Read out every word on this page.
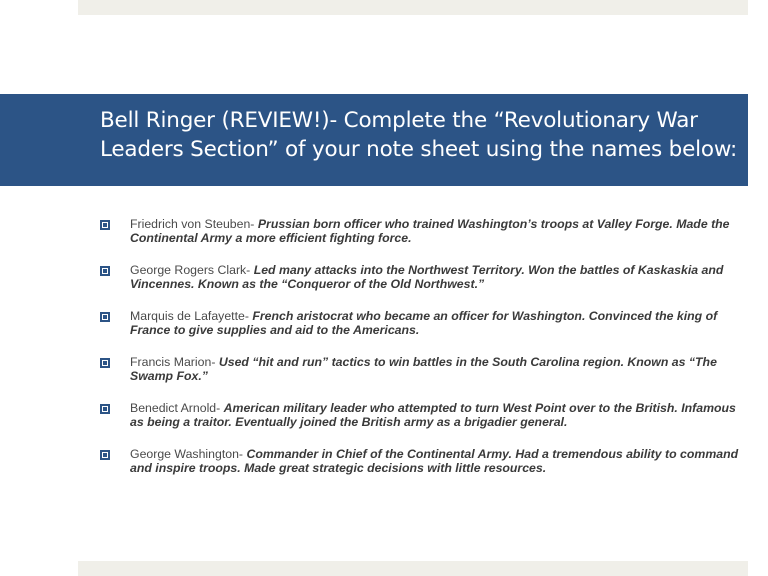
Bell Ringer (REVIEW!)- Complete the “Revolutionary War Leaders Section” of your note sheet using the names below:
Friedrich von Steuben- Prussian born officer who trained Washington’s troops at Valley Forge. Made the Continental Army a more efficient fighting force.
George Rogers Clark- Led many attacks into the Northwest Territory. Won the battles of Kaskaskia and Vincennes. Known as the “Conqueror of the Old Northwest.”
Marquis de Lafayette- French aristocrat who became an officer for Washington. Convinced the king of France to give supplies and aid to the Americans.
Francis Marion- Used “hit and run” tactics to win battles in the South Carolina region. Known as “The Swamp Fox.”
Benedict Arnold- American military leader who attempted to turn West Point over to the British. Infamous as being a traitor. Eventually joined the British army as a brigadier general.
George Washington- Commander in Chief of the Continental Army. Had a tremendous ability to command and inspire troops. Made great strategic decisions with little resources.
